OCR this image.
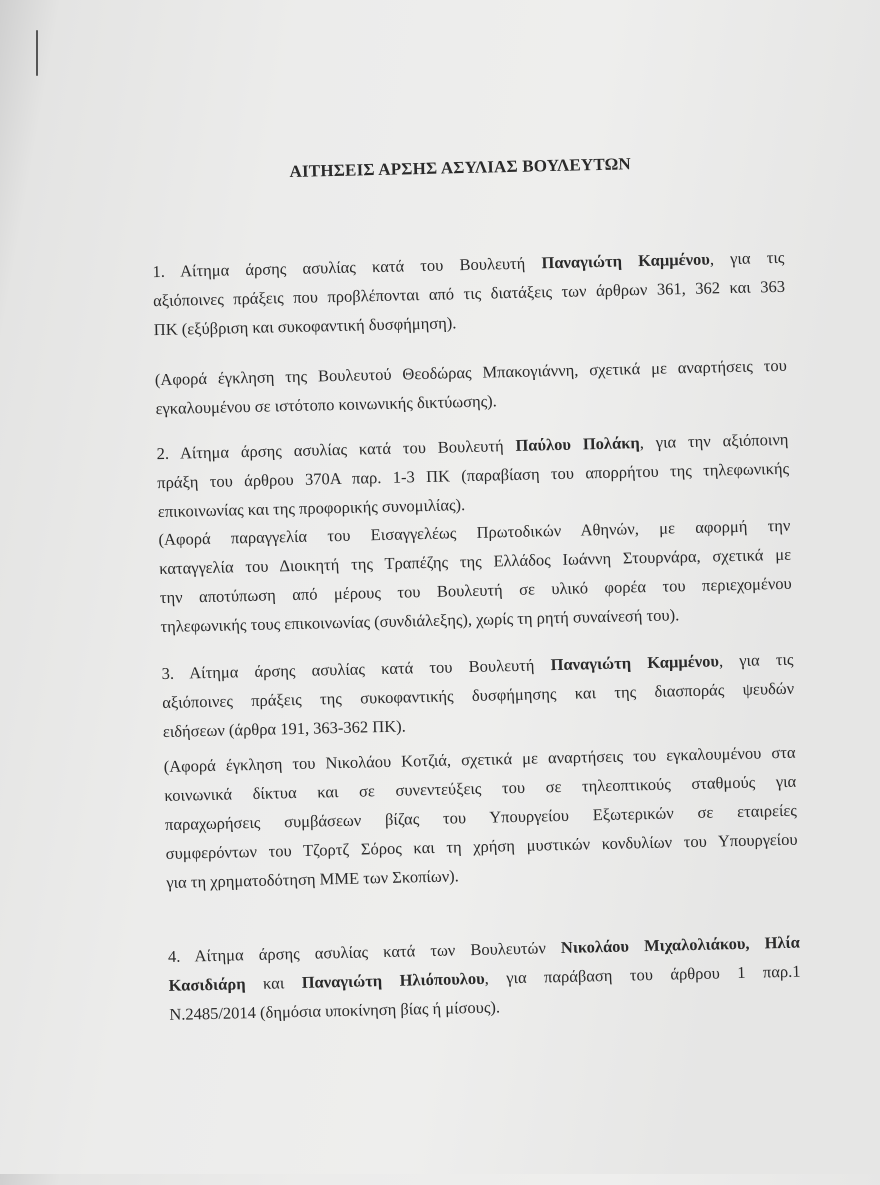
ΑΙΤΗΣΕΙΣ ΑΡΣΗΣ ΑΣΥΛΙΑΣ ΒΟΥΛΕΥΤΩΝ
1. Αίτημα άρσης ασυλίας κατά του Βουλευτή Παναγιώτη Καμμένου, για τις
αξιόποινες πράξεις που προβλέπονται από τις διατάξεις των άρθρων 361, 362 και 363
ΠΚ (εξύβριση και συκοφαντική δυσφήμηση).
(Αφορά έγκληση της Βουλευτού Θεοδώρας Μπακογιάννη, σχετικά με αναρτήσεις του
εγκαλουμένου σε ιστότοπο κοινωνικής δικτύωσης).
2. Αίτημα άρσης ασυλίας κατά του Βουλευτή Παύλου Πολάκη, για την αξιόποινη
πράξη του άρθρου 370Α παρ. 1-3 ΠΚ (παραβίαση του απορρήτου της τηλεφωνικής
επικοινωνίας και της προφορικής συνομιλίας).
(Αφορά παραγγελία του Εισαγγελέως Πρωτοδικών Αθηνών, με αφορμή την
καταγγελία του Διοικητή της Τραπέζης της Ελλάδος Ιωάννη Στουρνάρα, σχετικά με
την αποτύπωση από μέρους του Βουλευτή σε υλικό φορέα του περιεχομένου
τηλεφωνικής τους επικοινωνίας (συνδιάλεξης), χωρίς τη ρητή συναίνεσή του).
3. Αίτημα άρσης ασυλίας κατά του Βουλευτή Παναγιώτη Καμμένου, για τις
αξιόποινες πράξεις της συκοφαντικής δυσφήμησης και της διασποράς ψευδών
ειδήσεων (άρθρα 191, 363-362 ΠΚ).
(Αφορά έγκληση του Νικολάου Κοτζιά, σχετικά με αναρτήσεις του εγκαλουμένου στα
κοινωνικά δίκτυα και σε συνεντεύξεις του σε τηλεοπτικούς σταθμούς για
παραχωρήσεις συμβάσεων βίζας του Υπουργείου Εξωτερικών σε εταιρείες
συμφερόντων του Τζορτζ Σόρος και τη χρήση μυστικών κονδυλίων του Υπουργείου
για τη χρηματοδότηση ΜΜΕ των Σκοπίων).
4. Αίτημα άρσης ασυλίας κατά των Βουλευτών Νικολάου Μιχαλολιάκου, Ηλία
Κασιδιάρη και Παναγιώτη Ηλιόπουλου, για παράβαση του άρθρου 1 παρ.1
Ν.2485/2014 (δημόσια υποκίνηση βίας ή μίσους).
